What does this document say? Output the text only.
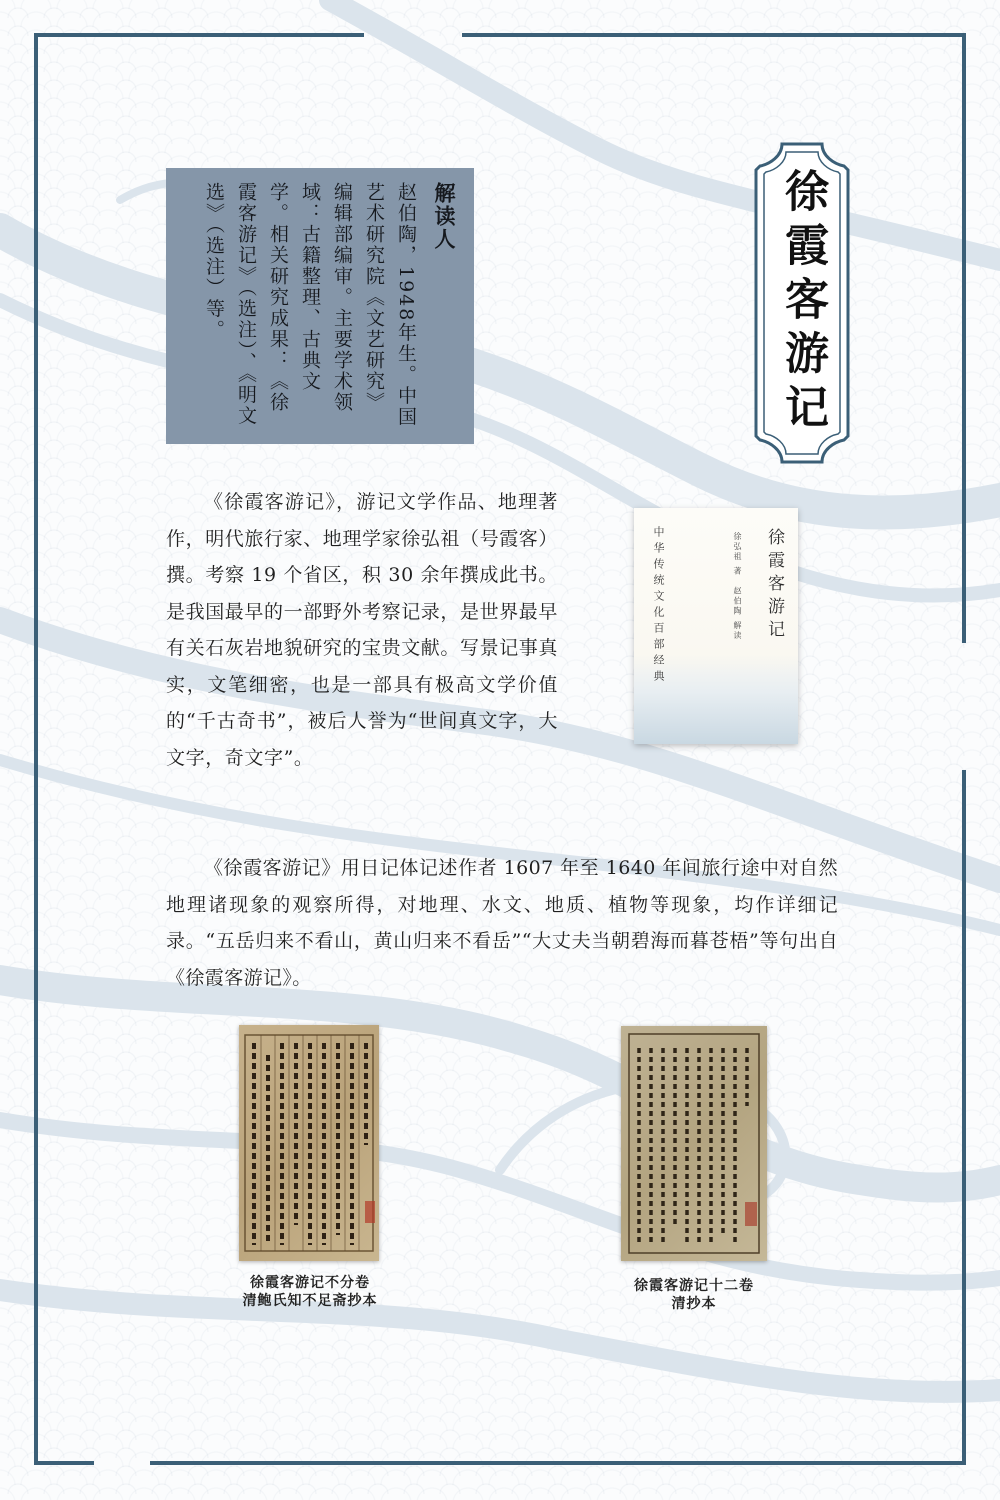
解读人

赵伯陶，1948年生。中国艺术研究院《文艺研究》编辑部编审。主要学术领域：古籍整理、古典文学。相关研究成果：《徐霞客游记》（选注）、《明文选》（选注）等。	徐霞客游记

《徐霞客游记》，游记文学作品、地理著作，明代旅行家、地理学家徐弘祖（号霞客）撰。考察 19 个省区，积 30 余年撰成此书。是我国最早的一部野外考察记录，是世界最早有关石灰岩地貌研究的宝贵文献。写景记事真实，文笔细密，也是一部具有极高文学价值的“千古奇书”，被后人誉为“世间真文字，大文字，奇文字”。

中华传统文化百部经典	徐弘祖 著　赵伯陶 解读 徐霞客游记

《徐霞客游记》用日记体记述作者 1607 年至 1640 年间旅行途中对自然地理诸现象的观察所得，对地理、水文、地质、植物等现象，均作详细记录。“五岳归来不看山，黄山归来不看岳”“大丈夫当朝碧海而暮苍梧”等句出自《徐霞客游记》。

徐霞客游记不分卷

清鲍氏知不足斋抄本

徐霞客游记十二卷

清抄本
